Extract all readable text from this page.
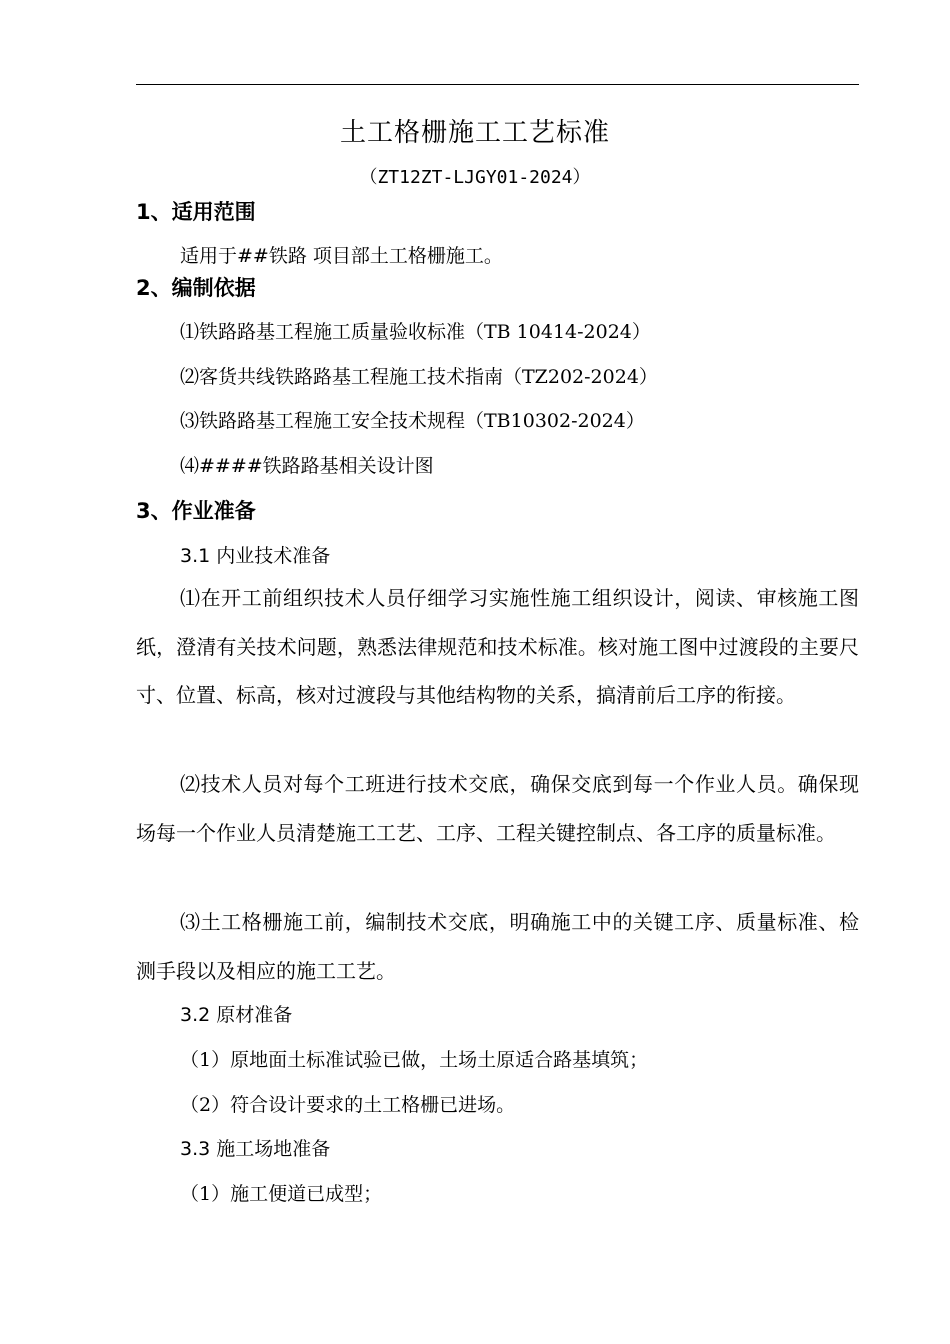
土工格栅施工工艺标准
（ZT12ZT-LJGY01-2024）
1、适用范围
适用于##铁路 项目部土工格栅施工。
2、编制依据
⑴铁路路基工程施工质量验收标准（TB 10414-2024）
⑵客货共线铁路路基工程施工技术指南（TZ202-2024）
⑶铁路路基工程施工安全技术规程（TB10302-2024）
⑷####铁路路基相关设计图
3、作业准备
3.1 内业技术准备

⑴在开工前组织技术人员仔细学习实施性施工组织设计，阅读、审核施工图纸，澄清有关技术问题，熟悉法律规范和技术标准。核对施工图中过渡段的主要尺寸、位置、标高，核对过渡段与其他结构物的关系，搞清前后工序的衔接。

⑵技术人员对每个工班进行技术交底，确保交底到每一个作业人员。确保现场每一个作业人员清楚施工工艺、工序、工程关键控制点、各工序的质量标准。

⑶土工格栅施工前，编制技术交底，明确施工中的关键工序、质量标准、检测手段以及相应的施工工艺。

3.2 原材准备
（1）原地面土标准试验已做，土场土原适合路基填筑；
（2）符合设计要求的土工格栅已进场。
3.3 施工场地准备
（1）施工便道已成型；
